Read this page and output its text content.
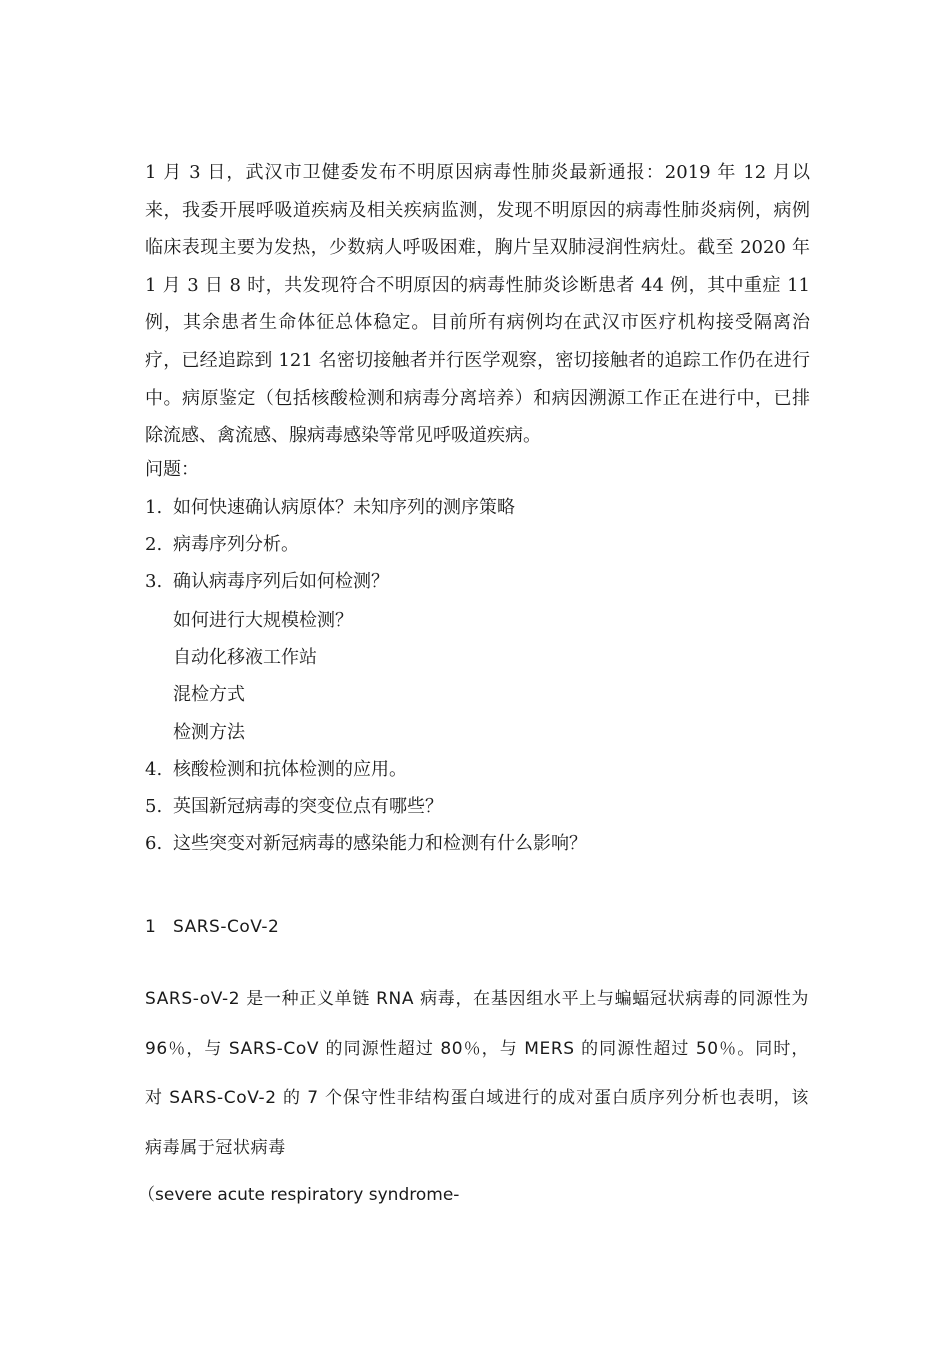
1 月 3 日，武汉市卫健委发布不明原因病毒性肺炎最新通报：2019 年 12 月以来，我委开展呼吸道疾病及相关疾病监测，发现不明原因的病毒性肺炎病例，病例临床表现主要为发热，少数病人呼吸困难，胸片呈双肺浸润性病灶。截至 2020 年 1 月 3 日 8 时，共发现符合不明原因的病毒性肺炎诊断患者 44 例，其中重症 11 例，其余患者生命体征总体稳定。目前所有病例均在武汉市医疗机构接受隔离治疗，已经追踪到 121 名密切接触者并行医学观察，密切接触者的追踪工作仍在进行中。病原鉴定（包括核酸检测和病毒分离培养）和病因溯源工作正在进行中，已排除流感、禽流感、腺病毒感染等常见呼吸道疾病。

问题：

1. 如何快速确认病原体？未知序列的测序策略
2. 病毒序列分析。
3. 确认病毒序列后如何检测？
如何进行大规模检测？
自动化移液工作站
混检方式
检测方法
4. 核酸检测和抗体检测的应用。
5. 英国新冠病毒的突变位点有哪些？
6. 这些突变对新冠病毒的感染能力和检测有什么影响？
1 SARS-CoV-2

SARS-oV-2 是一种正义单链 RNA 病毒，在基因组水平上与蝙蝠冠状病毒的同源性为 96％，与 SARS-CoV 的同源性超过 80％，与 MERS 的同源性超过 50％。同时，对 SARS-CoV-2 的 7 个保守性非结构蛋白域进行的成对蛋白质序列分析也表明，该病毒属于冠状病毒

（severe acute respiratory syndrome-
